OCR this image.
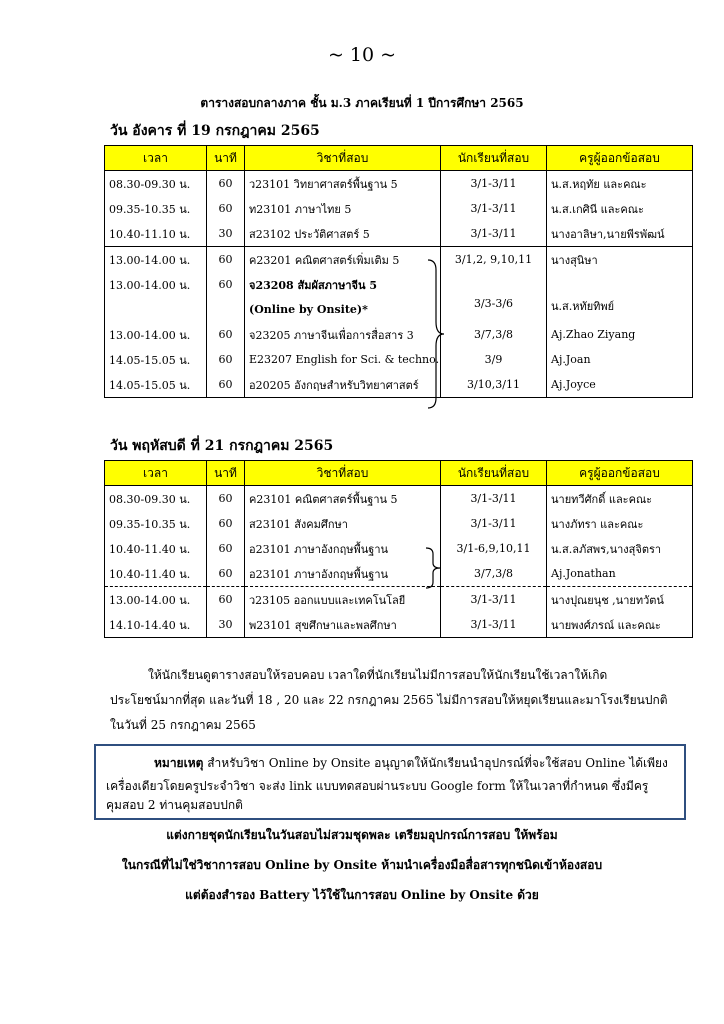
~ 10 ~
ตารางสอบกลางภาค ชั้น ม.3 ภาคเรียนที่ 1 ปีการศึกษา 2565
วัน อังคาร ที่ 19 กรกฎาคม 2565
เวลา	นาที	วิชาที่สอบ	นักเรียนที่สอบ	ครูผู้ออกข้อสอบ
08.30-09.30 น.	60	ว23101 วิทยาศาสตร์พื้นฐาน 5	3/1-3/11	น.ส.หฤทัย และคณะ
09.35-10.35 น.	60	ท23101 ภาษาไทย 5	3/1-3/11	น.ส.เกศินี และคณะ
10.40-11.10 น.	30	ส23102 ประวัติศาสตร์ 5	3/1-3/11	นางอาลิษา,นายพีรพัฒน์
13.00-14.00 น.	60	ค23201 คณิตศาสตร์เพิ่มเติม 5	3/1,2, 9,10,11	นางสุนิษา
13.00-14.00 น.	60	จ23208 สัมผัสภาษาจีน 5		
		(Online by Onsite)*	3/3-3/6	น.ส.หทัยทิพย์
13.00-14.00 น.	60	จ23205 ภาษาจีนเพื่อการสื่อสาร 3	3/7,3/8	Aj.Zhao Ziyang
14.05-15.05 น.	60	E23207 English for Sci. & techno.	3/9	Aj.Joan
14.05-15.05 น.	60	อ20205 อังกฤษสำหรับวิทยาศาสตร์	3/10,3/11	Aj.Joyce
วัน พฤหัสบดี ที่ 21 กรกฎาคม 2565
เวลา	นาที	วิชาที่สอบ	นักเรียนที่สอบ	ครูผู้ออกข้อสอบ
08.30-09.30 น.	60	ค23101 คณิตศาสตร์พื้นฐาน 5	3/1-3/11	นายทวีศักดิ์ และคณะ
09.35-10.35 น.	60	ส23101 สังคมศึกษา	3/1-3/11	นางภัทรา และคณะ
10.40-11.40 น.	60	อ23101 ภาษาอังกฤษพื้นฐาน	3/1-6,9,10,11	น.ส.ลภัสพร,นางสุจิตรา
10.40-11.40 น.	60	อ23101 ภาษาอังกฤษพื้นฐาน	3/7,3/8	Aj.Jonathan
13.00-14.00 น.	60	ว23105 ออกแบบและเทคโนโลยี	3/1-3/11	นางปุณยนุช ,นายทวัตน์
14.10-14.40 น.	30	พ23101 สุขศึกษาและพลศึกษา	3/1-3/11	นายพงศ์ภรณ์ และคณะ
ให้นักเรียนดูตารางสอบให้รอบคอบ เวลาใดที่นักเรียนไม่มีการสอบให้นักเรียนใช้เวลาให้เกิด
ประโยชน์มากที่สุด และวันที่ 18 , 20 และ 22 กรกฎาคม 2565 ไม่มีการสอบให้หยุดเรียนและมาโรงเรียนปกติ
ในวันที่ 25 กรกฎาคม 2565
หมายเหตุ สำหรับวิชา Online by Onsite อนุญาตให้นักเรียนนำอุปกรณ์ที่จะใช้สอบ Online ได้เพียง
เครื่องเดียวโดยครูประจำวิชา จะส่ง link แบบทดสอบผ่านระบบ Google form ให้ในเวลาที่กำหนด ซึ่งมีครู
คุมสอบ 2 ท่านคุมสอบปกติ
แต่งกายชุดนักเรียนในวันสอบไม่สวมชุดพละ เตรียมอุปกรณ์การสอบ ให้พร้อม
ในกรณีที่ไม่ใช่วิชาการสอบ Online by Onsite ห้ามนำเครื่องมือสื่อสารทุกชนิดเข้าห้องสอบ
แต่ต้องสำรอง Battery ไว้ใช้ในการสอบ Online by Onsite ด้วย
